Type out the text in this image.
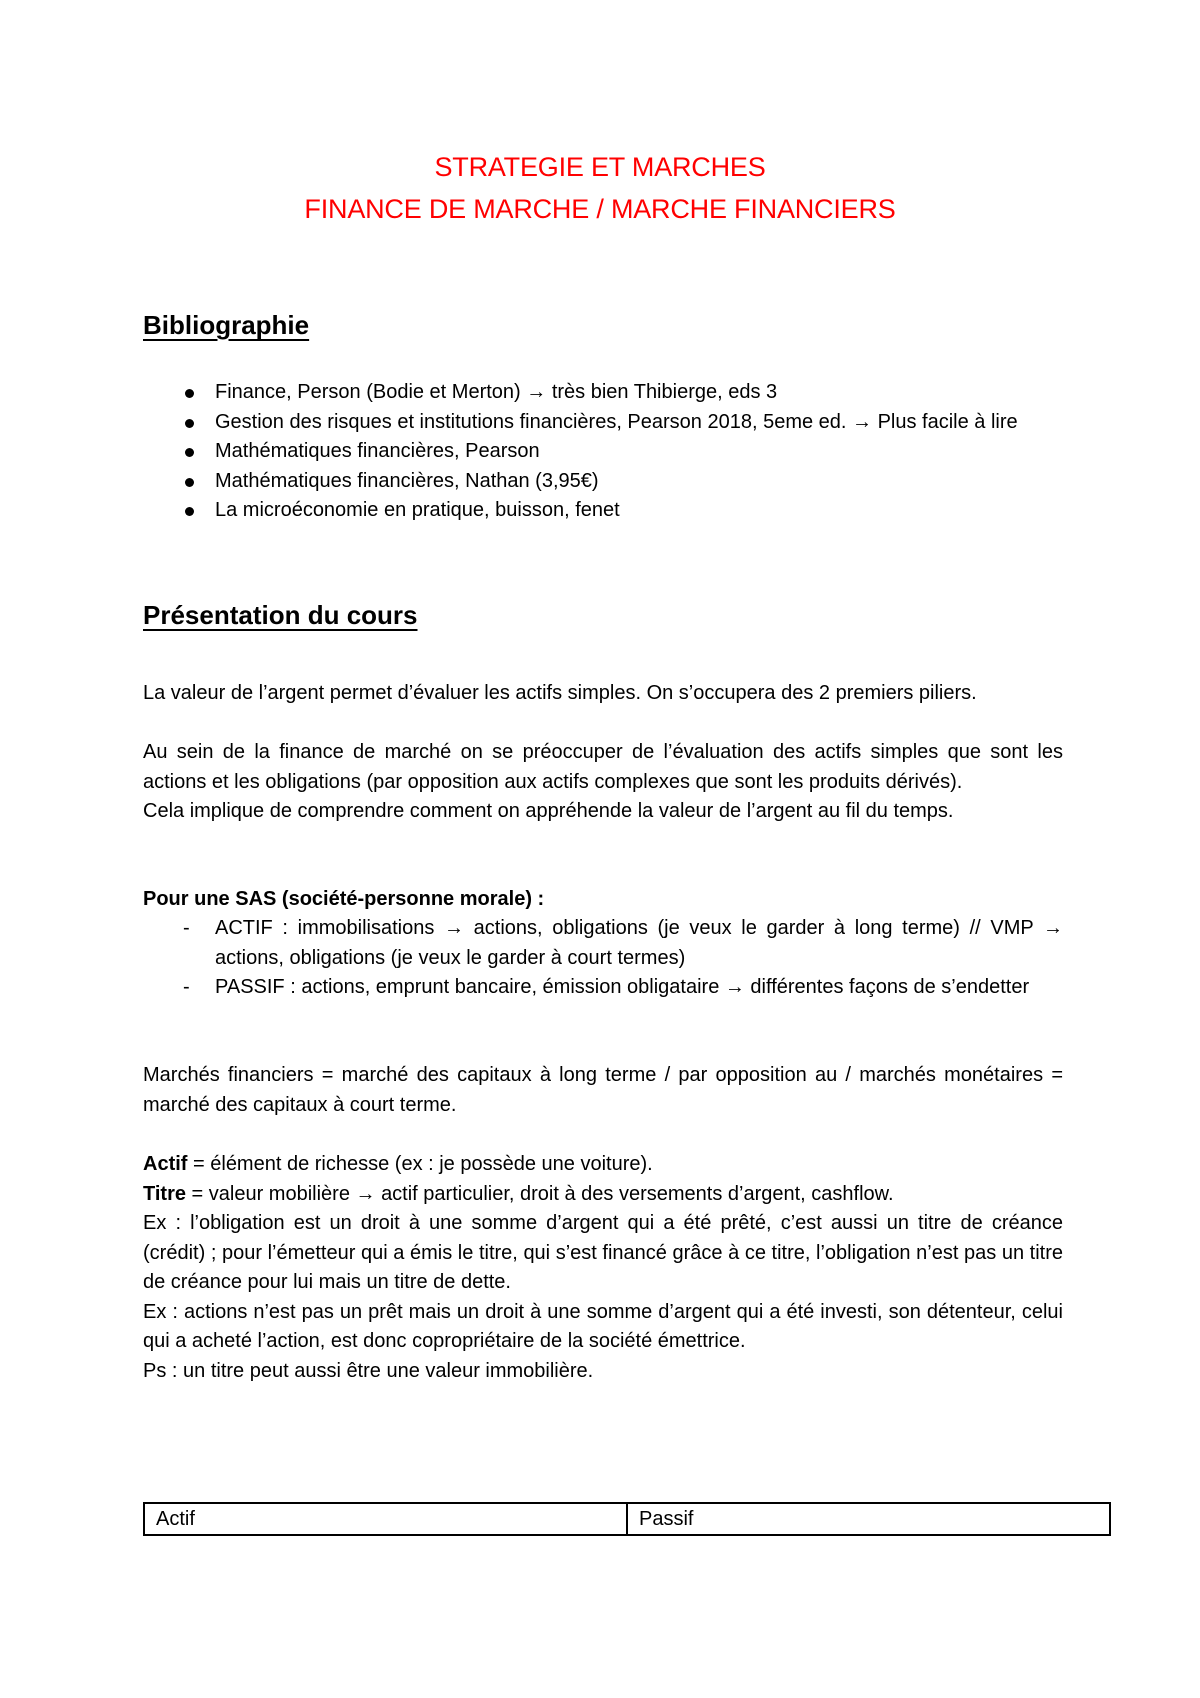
STRATEGIE ET MARCHES
FINANCE DE MARCHE / MARCHE FINANCIERS
Bibliographie
Finance, Person (Bodie et Merton) → très bien Thibierge, eds 3
Gestion des risques et institutions financières, Pearson 2018, 5eme ed. → Plus facile à lire
Mathématiques financières, Pearson
Mathématiques financières, Nathan (3,95€)
La microéconomie en pratique, buisson, fenet
Présentation du cours
La valeur de l’argent permet d’évaluer les actifs simples. On s’occupera des 2 premiers piliers.
Au sein de la finance de marché on se préoccuper de l’évaluation des actifs simples que sont les actions et les obligations (par opposition aux actifs complexes que sont les produits dérivés).
Cela implique de comprendre comment on appréhende la valeur de l’argent au fil du temps.
Pour une SAS (société-personne morale) :
- ACTIF : immobilisations → actions, obligations (je veux le garder à long terme) // VMP → actions, obligations (je veux le garder à court termes)
- PASSIF : actions, emprunt bancaire, émission obligataire → différentes façons de s’endetter
Marchés financiers = marché des capitaux à long terme / par opposition au / marchés monétaires = marché des capitaux à court terme.
Actif = élément de richesse (ex : je possède une voiture).
Titre = valeur mobilière → actif particulier, droit à des versements d’argent, cashflow.
Ex : l’obligation est un droit à une somme d’argent qui a été prêté, c’est aussi un titre de créance (crédit) ; pour l’émetteur qui a émis le titre, qui s’est financé grâce à ce titre, l’obligation n’est pas un titre de créance pour lui mais un titre de dette.
Ex : actions n’est pas un prêt mais un droit à une somme d’argent qui a été investi, son détenteur, celui qui a acheté l’action, est donc copropriétaire de la société émettrice.
Ps : un titre peut aussi être une valeur immobilière.
Actif	Passif
